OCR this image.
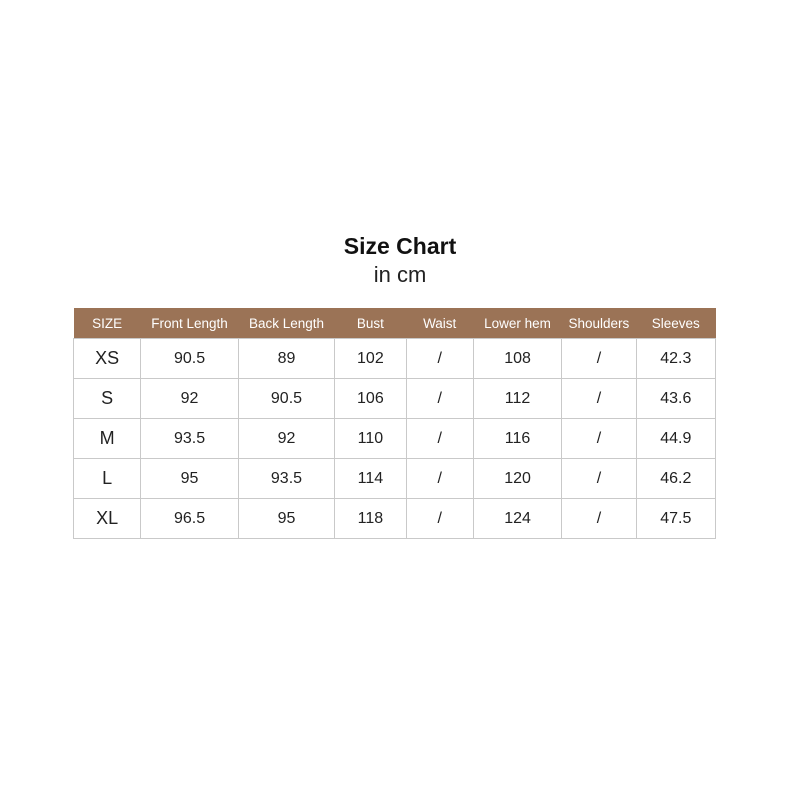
Size Chart
in cm
SIZE	Front Length	Back Length	Bust	Waist	Lower hem	Shoulders	Sleeves
XS	90.5	89	102	/	108	/	42.3
S	92	90.5	106	/	112	/	43.6
M	93.5	92	110	/	116	/	44.9
L	95	93.5	114	/	120	/	46.2
XL	96.5	95	118	/	124	/	47.5
